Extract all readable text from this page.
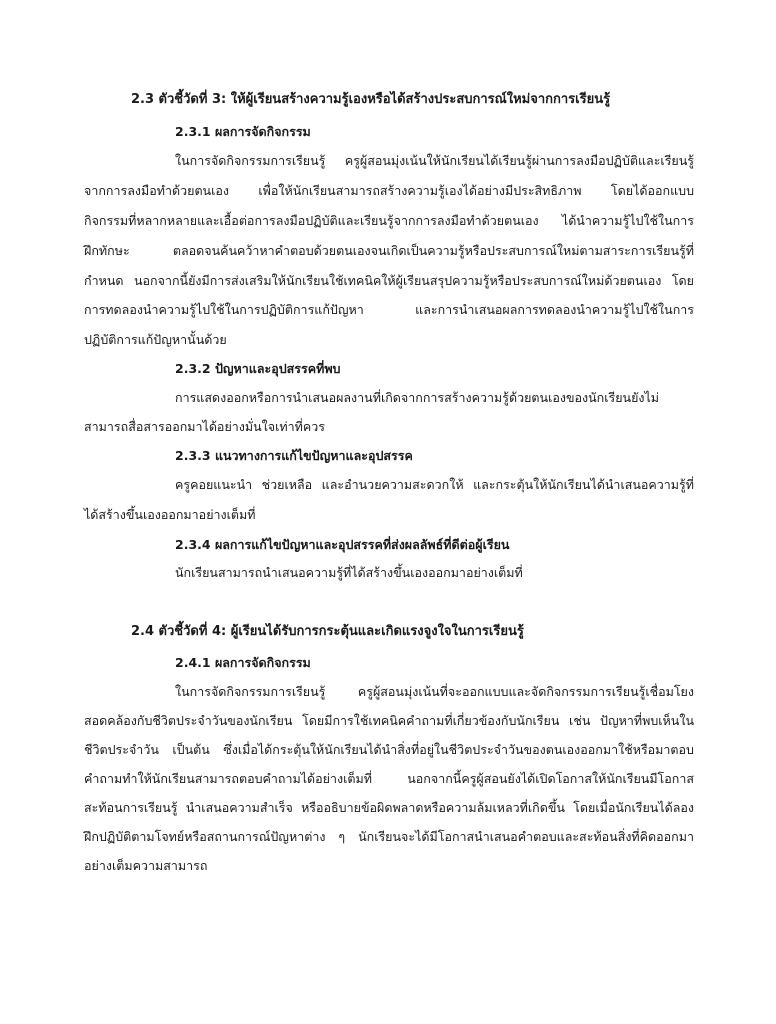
2.3 ตัวชี้วัดที่ 3: ให้ผู้เรียนสร้างความรู้เองหรือได้สร้างประสบการณ์ใหม่จากการเรียนรู้
2.3.1 ผลการจัดกิจกรรม
ในการจัดกิจกรรมการเรียนรู้ ครูผู้สอนมุ่งเน้นให้นักเรียนได้เรียนรู้ผ่านการลงมือปฏิบัติและเรียนรู้
จากการลงมือทำด้วยตนเอง เพื่อให้นักเรียนสามารถสร้างความรู้เองได้อย่างมีประสิทธิภาพ โดยได้ออกแบบ
กิจกรรมที่หลากหลายและเอื้อต่อการลงมือปฏิบัติและเรียนรู้จากการลงมือทำด้วยตนเอง ได้นำความรู้ไปใช้ในการ
ฝึกทักษะ ตลอดจนค้นคว้าหาคำตอบด้วยตนเองจนเกิดเป็นความรู้หรือประสบการณ์ใหม่ตามสาระการเรียนรู้ที่
กำหนด นอกจากนี้ยังมีการส่งเสริมให้นักเรียนใช้เทคนิคให้ผู้เรียนสรุปความรู้หรือประสบการณ์ใหม่ด้วยตนเอง โดย
การทดลองนำความรู้ไปใช้ในการปฏิบัติการแก้ปัญหา และการนำเสนอผลการทดลองนำความรู้ไปใช้ในการ
ปฏิบัติการแก้ปัญหานั้นด้วย
2.3.2 ปัญหาและอุปสรรคที่พบ
การแสดงออกหรือการนำเสนอผลงานที่เกิดจากการสร้างความรู้ด้วยตนเองของนักเรียนยังไม่
สามารถสื่อสารออกมาได้อย่างมั่นใจเท่าที่ควร
2.3.3 แนวทางการแก้ไขปัญหาและอุปสรรค
ครูคอยแนะนำ ช่วยเหลือ และอำนวยความสะดวกให้ และกระตุ้นให้นักเรียนได้นำเสนอความรู้ที่
ได้สร้างขึ้นเองออกมาอย่างเต็มที่
2.3.4 ผลการแก้ไขปัญหาและอุปสรรคที่ส่งผลลัพธ์ที่ดีต่อผู้เรียน
นักเรียนสามารถนำเสนอความรู้ที่ได้สร้างขึ้นเองออกมาอย่างเต็มที่
2.4 ตัวชี้วัดที่ 4: ผู้เรียนได้รับการกระตุ้นและเกิดแรงจูงใจในการเรียนรู้
2.4.1 ผลการจัดกิจกรรม
ในการจัดกิจกรรมการเรียนรู้ ครูผู้สอนมุ่งเน้นที่จะออกแบบและจัดกิจกรรมการเรียนรู้เชื่อมโยง
สอดคล้องกับชีวิตประจำวันของนักเรียน โดยมีการใช้เทคนิคคำถามที่เกี่ยวข้องกับนักเรียน เช่น ปัญหาที่พบเห็นใน
ชีวิตประจำวัน เป็นต้น ซึ่งเมื่อได้กระตุ้นให้นักเรียนได้นำสิ่งที่อยู่ในชีวิตประจำวันของตนเองออกมาใช้หรือมาตอบ
คำถามทำให้นักเรียนสามารถตอบคำถามได้อย่างเต็มที่ นอกจากนี้ครูผู้สอนยังได้เปิดโอกาสให้นักเรียนมีโอกาส
สะท้อนการเรียนรู้ นำเสนอความสำเร็จ หรืออธิบายข้อผิดพลาดหรือความล้มเหลวที่เกิดขึ้น โดยเมื่อนักเรียนได้ลอง
ฝึกปฏิบัติตามโจทย์หรือสถานการณ์ปัญหาต่าง ๆ นักเรียนจะได้มีโอกาสนำเสนอคำตอบและสะท้อนสิ่งที่คิดออกมา
อย่างเต็มความสามารถ
